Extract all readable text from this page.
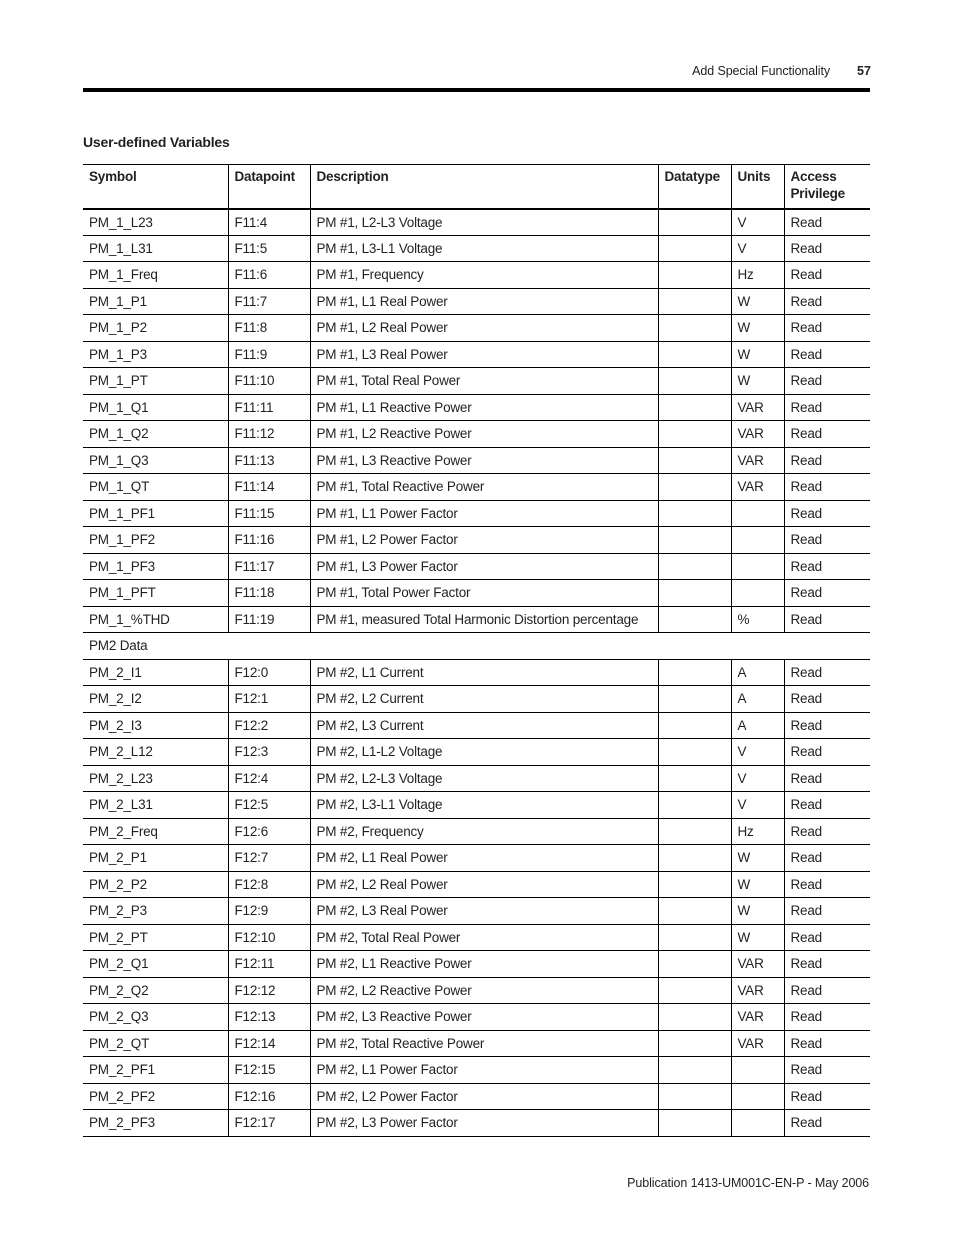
Add Special Functionality 57
User-defined Variables
Symbol	Datapoint	Description	Datatype	Units	Access Privilege
PM_1_L23	F11:4	PM #1, L2-L3 Voltage		V	Read
PM_1_L31	F11:5	PM #1, L3-L1 Voltage		V	Read
PM_1_Freq	F11:6	PM #1, Frequency		Hz	Read
PM_1_P1	F11:7	PM #1, L1 Real Power		W	Read
PM_1_P2	F11:8	PM #1, L2 Real Power		W	Read
PM_1_P3	F11:9	PM #1, L3 Real Power		W	Read
PM_1_PT	F11:10	PM #1, Total Real Power		W	Read
PM_1_Q1	F11:11	PM #1, L1 Reactive Power		VAR	Read
PM_1_Q2	F11:12	PM #1, L2 Reactive Power		VAR	Read
PM_1_Q3	F11:13	PM #1, L3 Reactive Power		VAR	Read
PM_1_QT	F11:14	PM #1, Total Reactive Power		VAR	Read
PM_1_PF1	F11:15	PM #1, L1 Power Factor			Read
PM_1_PF2	F11:16	PM #1, L2 Power Factor			Read
PM_1_PF3	F11:17	PM #1, L3 Power Factor			Read
PM_1_PFT	F11:18	PM #1, Total Power Factor			Read
PM_1_%THD	F11:19	PM #1, measured Total Harmonic Distortion percentage		%	Read
PM2 Data					
PM_2_I1	F12:0	PM #2, L1 Current		A	Read
PM_2_I2	F12:1	PM #2, L2 Current		A	Read
PM_2_I3	F12:2	PM #2, L3 Current		A	Read
PM_2_L12	F12:3	PM #2, L1-L2 Voltage		V	Read
PM_2_L23	F12:4	PM #2, L2-L3 Voltage		V	Read
PM_2_L31	F12:5	PM #2, L3-L1 Voltage		V	Read
PM_2_Freq	F12:6	PM #2, Frequency		Hz	Read
PM_2_P1	F12:7	PM #2, L1 Real Power		W	Read
PM_2_P2	F12:8	PM #2, L2 Real Power		W	Read
PM_2_P3	F12:9	PM #2, L3 Real Power		W	Read
PM_2_PT	F12:10	PM #2, Total Real Power		W	Read
PM_2_Q1	F12:11	PM #2, L1 Reactive Power		VAR	Read
PM_2_Q2	F12:12	PM #2, L2 Reactive Power		VAR	Read
PM_2_Q3	F12:13	PM #2, L3 Reactive Power		VAR	Read
PM_2_QT	F12:14	PM #2, Total Reactive Power		VAR	Read
PM_2_PF1	F12:15	PM #2, L1 Power Factor			Read
PM_2_PF2	F12:16	PM #2, L2 Power Factor			Read
PM_2_PF3	F12:17	PM #2, L3 Power Factor			Read
Publication 1413-UM001C-EN-P - May 2006
